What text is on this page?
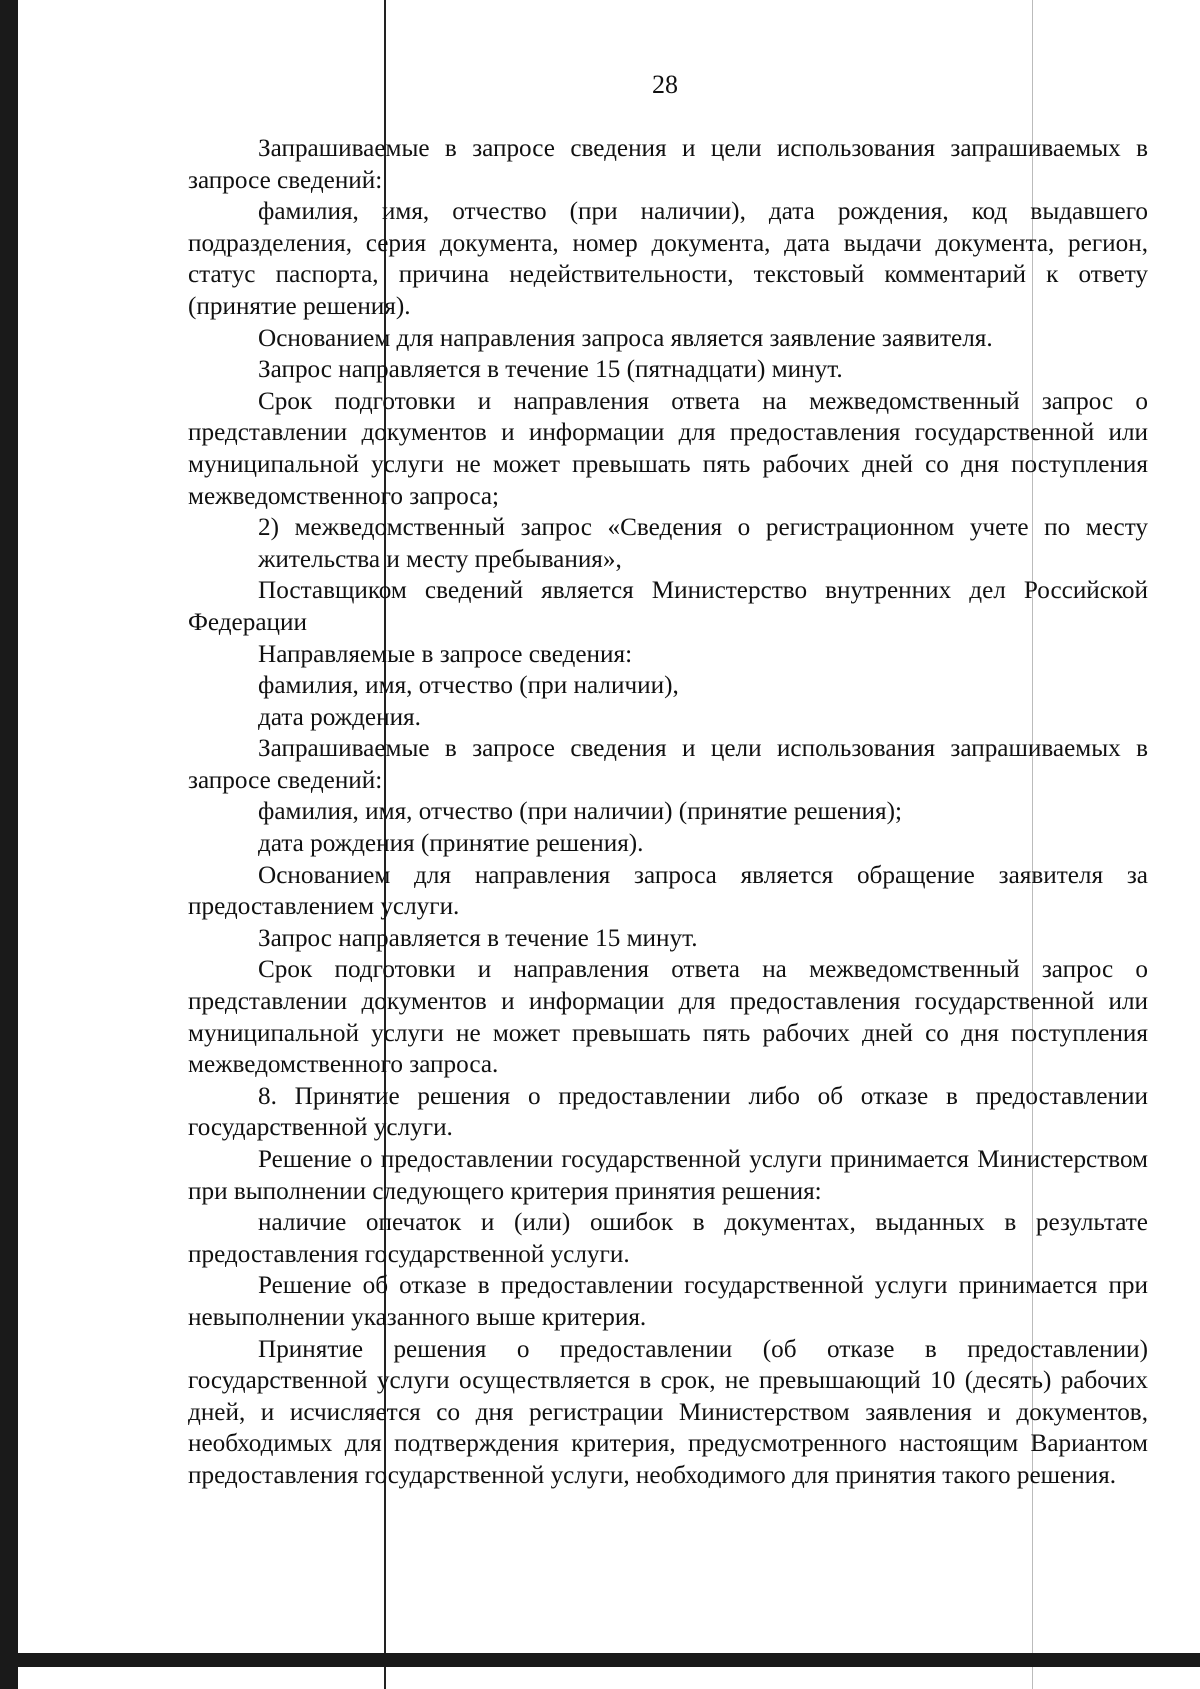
28

Запрашиваемые в запросе сведения и цели использования запрашиваемых в запросе сведений:

фамилия, имя, отчество (при наличии), дата рождения, код выдавшего подразделения, серия документа, номер документа, дата выдачи документа, регион, статус паспорта, причина недействительности, текстовый комментарий к ответу (принятие решения).

Основанием для направления запроса является заявление заявителя.

Запрос направляется в течение 15 (пятнадцати) минут.

Срок подготовки и направления ответа на межведомственный запрос о представлении документов и информации для предоставления государственной или муниципальной услуги не может превышать пять рабочих дней со дня поступления межведомственного запроса;

2) межведомственный запрос «Сведения о регистрационном учете по месту жительства и месту пребывания»,

Поставщиком сведений является Министерство внутренних дел Российской Федерации

Направляемые в запросе сведения:

фамилия, имя, отчество (при наличии),

дата рождения.

Запрашиваемые в запросе сведения и цели использования запрашиваемых в запросе сведений:

фамилия, имя, отчество (при наличии) (принятие решения);

дата рождения (принятие решения).

Основанием для направления запроса является обращение заявителя за предоставлением услуги.

Запрос направляется в течение 15 минут.

Срок подготовки и направления ответа на межведомственный запрос о представлении документов и информации для предоставления государственной или муниципальной услуги не может превышать пять рабочих дней со дня поступления межведомственного запроса.

8. Принятие решения о предоставлении либо об отказе в предоставлении государственной услуги.

Решение о предоставлении государственной услуги принимается Министерством при выполнении следующего критерия принятия решения:

наличие опечаток и (или) ошибок в документах, выданных в результате предоставления государственной услуги.

Решение об отказе в предоставлении государственной услуги принимается при невыполнении указанного выше критерия.

Принятие решения о предоставлении (об отказе в предоставлении) государственной услуги осуществляется в срок, не превышающий 10 (десять) рабочих дней, и исчисляется со дня регистрации Министерством заявления и документов, необходимых для подтверждения критерия, предусмотренного настоящим Вариантом предоставления государственной услуги, необходимого для принятия такого решения.
